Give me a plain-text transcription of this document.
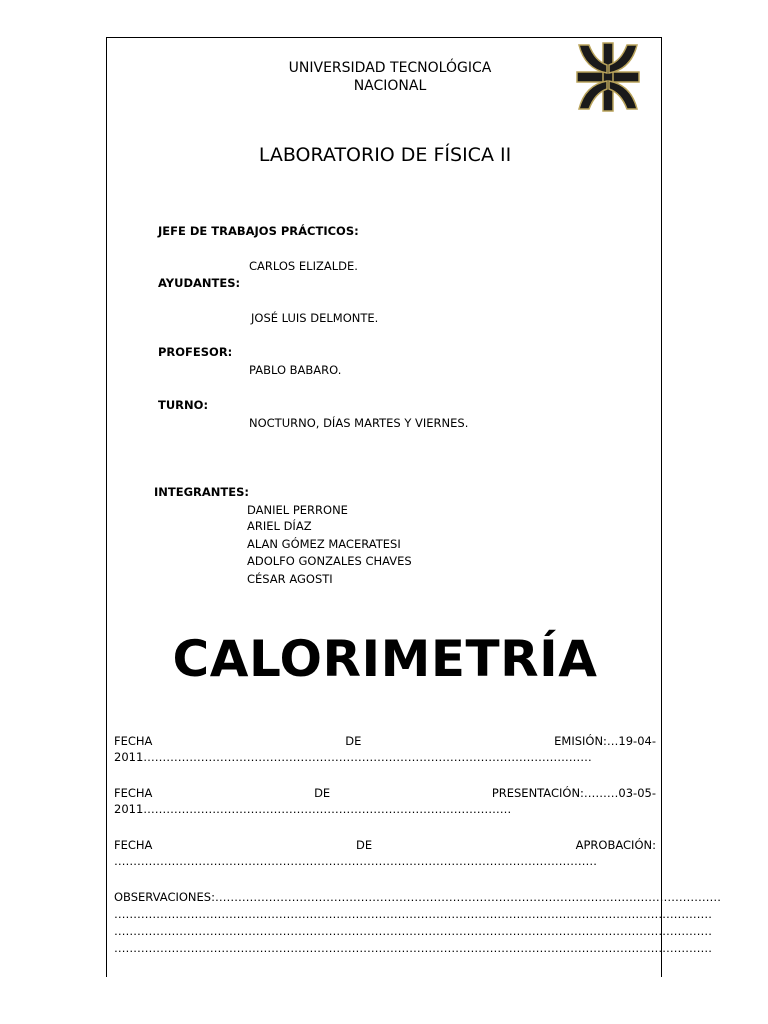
UNIVERSIDAD TECNOLÓGICA
NACIONAL
LABORATORIO DE FÍSICA II
JEFE DE TRABAJOS PRÁCTICOS:
CARLOS ELIZALDE.
AYUDANTES:
JOSÉ LUIS DELMONTE.
PROFESOR:
PABLO BABARO.
TURNO:
NOCTURNO, DÍAS MARTES Y VIERNES.
INTEGRANTES:
DANIEL PERRONE
ARIEL DÍAZ
ALAN GÓMEZ MACERATESI
ADOLFO GONZALES CHAVES
CÉSAR AGOSTI
CALORIMETRÍA
FECHA	DE	EMISIÓN:…19-04-
2011………………………………………………………………………………………………………
FECHA	DE	PRESENTACIÓN:………03-05-
2011……………………………………………………………………………………
FECHA	DE	APROBACIÓN:
………………………………………………………………………………………………………………
OBSERVACIONES:……………………………………………………………………………………………………………………
…………………………………………………………………………………………………………………………………………
…………………………………………………………………………………………………………………………………………
…………………………………………………………………………………………………………………………………………
